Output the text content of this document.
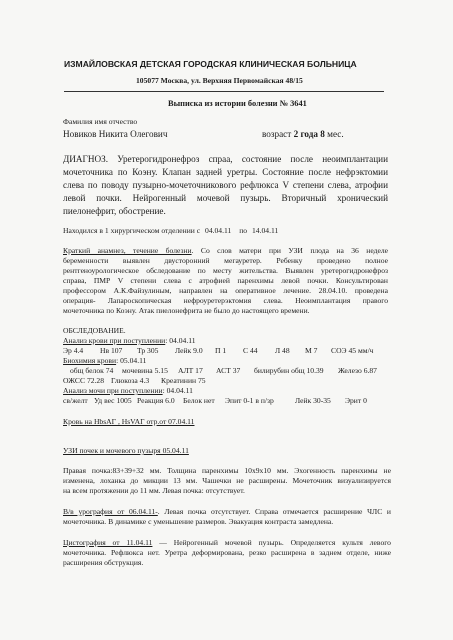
ИЗМАЙЛОВСКАЯ ДЕТСКАЯ ГОРОДСКАЯ КЛИНИЧЕСКАЯ БОЛЬНИЦА
105077 Москва, ул. Верхняя Первомайская 48/15
Выписка из истории болезни № 3641
Фамилия имя отчество
Новиков Никита Олегович	возраст 2 года 8 мес.
ДИАГНОЗ. Уретерогидронефроз спраа, состояние после неоимплантации
мочеточника по Коэну. Клапан задней уретры. Состояние после нефрэктомии
слева по поводу пузырно-мочеточникового рефлюкса V степени слева, атрофии
левой почки. Нейрогенный мочевой пузырь. Вторичный хронический
пиелонефрит, обострение.
Находился в 1 хирургическом отделении с 04.04.11 по 14.04.11
Краткий анамнез, течение болезни. Со слов матери при УЗИ плода на 36 неделе
беременности выявлен двусторонний мегауретер. Ребенку проведено полное
рентгеноурологическое обследование по месту жительства. Выявлен уретерогидронефроз
справа, ПМР V степени слева с атрофией паренхимы левой почки. Консультирован
профессором А.К.Файзулиным, направлен на оперативное лечение. 28.04.10. проведена
операция- Лапароскопическая нефроуретерэктомия слева. Неоимплантация правого
мочеточника по Коэну. Атак пиелонефрита не было до настоящего времени.
ОБСЛЕДОВАНИЕ.
Анализ крови при поступлении: 04.04.11
Эр 4.4 Нв 107 Тр 305 Лейк 9.0 П 1 С 44 Л 48 М 7 СОЭ 45 мм/ч
Биохимия крови: 05.04.11
общ белок 74 мочевина 5.15 АЛТ 17 АСТ 37 билирубин общ 10.39 Железо 6.87
ОЖСС 72.28 Глюкоза 4.3 Креатинин 75
Анализ мочи при поступлении: 04.04.11
св/желт Уд вес 1005 Реакция 6.0 Белок нет Эпит 0-1 в п/зр	Лейк 30-35 Эрит 0
Кровь на HbsAГ , HsVAГ отр.от 07.04.11
УЗИ почек и мочевого пузыря 05.04.11
Правая почка:83+39+32 мм. Толщина паренхимы 10х9х10 мм. Эхогенность паренхимы не
изменена, лоханка до микции 13 мм. Чашечки не расширены. Мочеточник визуализируется
на всем протяжении до 11 мм. Левая почка: отсутствует.
В/в урография от 06.04.11-. Левая почка отсутствует. Справа отмечается расширение ЧЛС и
мочеточника. В динамике с уменьшение размеров. Эвакуация контраста замедлена.
Цистография от 11.04.11 — Нейрогенный мочевой пузырь. Определяется культя левого
мочеточника. Рефлюкса нет. Уретра деформирована, резко расширена в заднем отделе, ниже
расширения обструкция.
